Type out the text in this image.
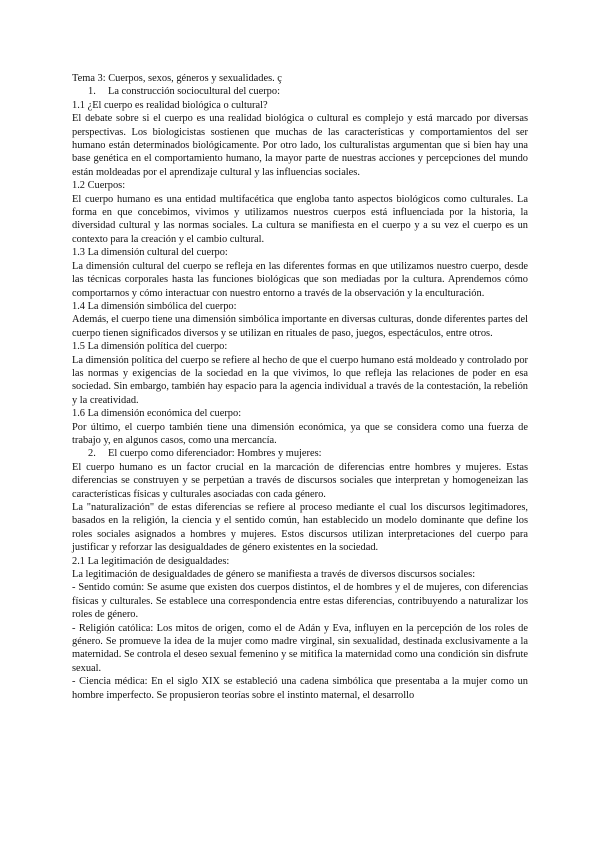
Tema 3: Cuerpos, sexos, géneros y sexualidades. ç

1. La construcción sociocultural del cuerpo:

1.1 ¿El cuerpo es realidad biológica o cultural?

El debate sobre si el cuerpo es una realidad biológica o cultural es complejo y está marcado por diversas perspectivas. Los biologicistas sostienen que muchas de las características y comportamientos del ser humano están determinados biológicamente. Por otro lado, los culturalistas argumentan que si bien hay una base genética en el comportamiento humano, la mayor parte de nuestras acciones y percepciones del mundo están moldeadas por el aprendizaje cultural y las influencias sociales.

1.2 Cuerpos:

El cuerpo humano es una entidad multifacética que engloba tanto aspectos biológicos como culturales. La forma en que concebimos, vivimos y utilizamos nuestros cuerpos está influenciada por la historia, la diversidad cultural y las normas sociales. La cultura se manifiesta en el cuerpo y a su vez el cuerpo es un contexto para la creación y el cambio cultural.

1.3 La dimensión cultural del cuerpo:

La dimensión cultural del cuerpo se refleja en las diferentes formas en que utilizamos nuestro cuerpo, desde las técnicas corporales hasta las funciones biológicas que son mediadas por la cultura. Aprendemos cómo comportarnos y cómo interactuar con nuestro entorno a través de la observación y la enculturación.

1.4 La dimensión simbólica del cuerpo:

Además, el cuerpo tiene una dimensión simbólica importante en diversas culturas, donde diferentes partes del cuerpo tienen significados diversos y se utilizan en rituales de paso, juegos, espectáculos, entre otros.

1.5 La dimensión política del cuerpo:

La dimensión política del cuerpo se refiere al hecho de que el cuerpo humano está moldeado y controlado por las normas y exigencias de la sociedad en la que vivimos, lo que refleja las relaciones de poder en esa sociedad. Sin embargo, también hay espacio para la agencia individual a través de la contestación, la rebelión y la creatividad.

1.6 La dimensión económica del cuerpo:

Por último, el cuerpo también tiene una dimensión económica, ya que se considera como una fuerza de trabajo y, en algunos casos, como una mercancía.

2. El cuerpo como diferenciador: Hombres y mujeres:

El cuerpo humano es un factor crucial en la marcación de diferencias entre hombres y mujeres. Estas diferencias se construyen y se perpetúan a través de discursos sociales que interpretan y homogeneizan las características físicas y culturales asociadas con cada género.

La "naturalización" de estas diferencias se refiere al proceso mediante el cual los discursos legitimadores, basados en la religión, la ciencia y el sentido común, han establecido un modelo dominante que define los roles sociales asignados a hombres y mujeres. Estos discursos utilizan interpretaciones del cuerpo para justificar y reforzar las desigualdades de género existentes en la sociedad.

2.1 La legitimación de desigualdades:

La legitimación de desigualdades de género se manifiesta a través de diversos discursos sociales:

- Sentido común: Se asume que existen dos cuerpos distintos, el de hombres y el de mujeres, con diferencias físicas y culturales. Se establece una correspondencia entre estas diferencias, contribuyendo a naturalizar los roles de género.

- Religión católica: Los mitos de origen, como el de Adán y Eva, influyen en la percepción de los roles de género. Se promueve la idea de la mujer como madre virginal, sin sexualidad, destinada exclusivamente a la maternidad. Se controla el deseo sexual femenino y se mitifica la maternidad como una condición sin disfrute sexual.

- Ciencia médica: En el siglo XIX se estableció una cadena simbólica que presentaba a la mujer como un hombre imperfecto. Se propusieron teorías sobre el instinto maternal, el desarrollo
